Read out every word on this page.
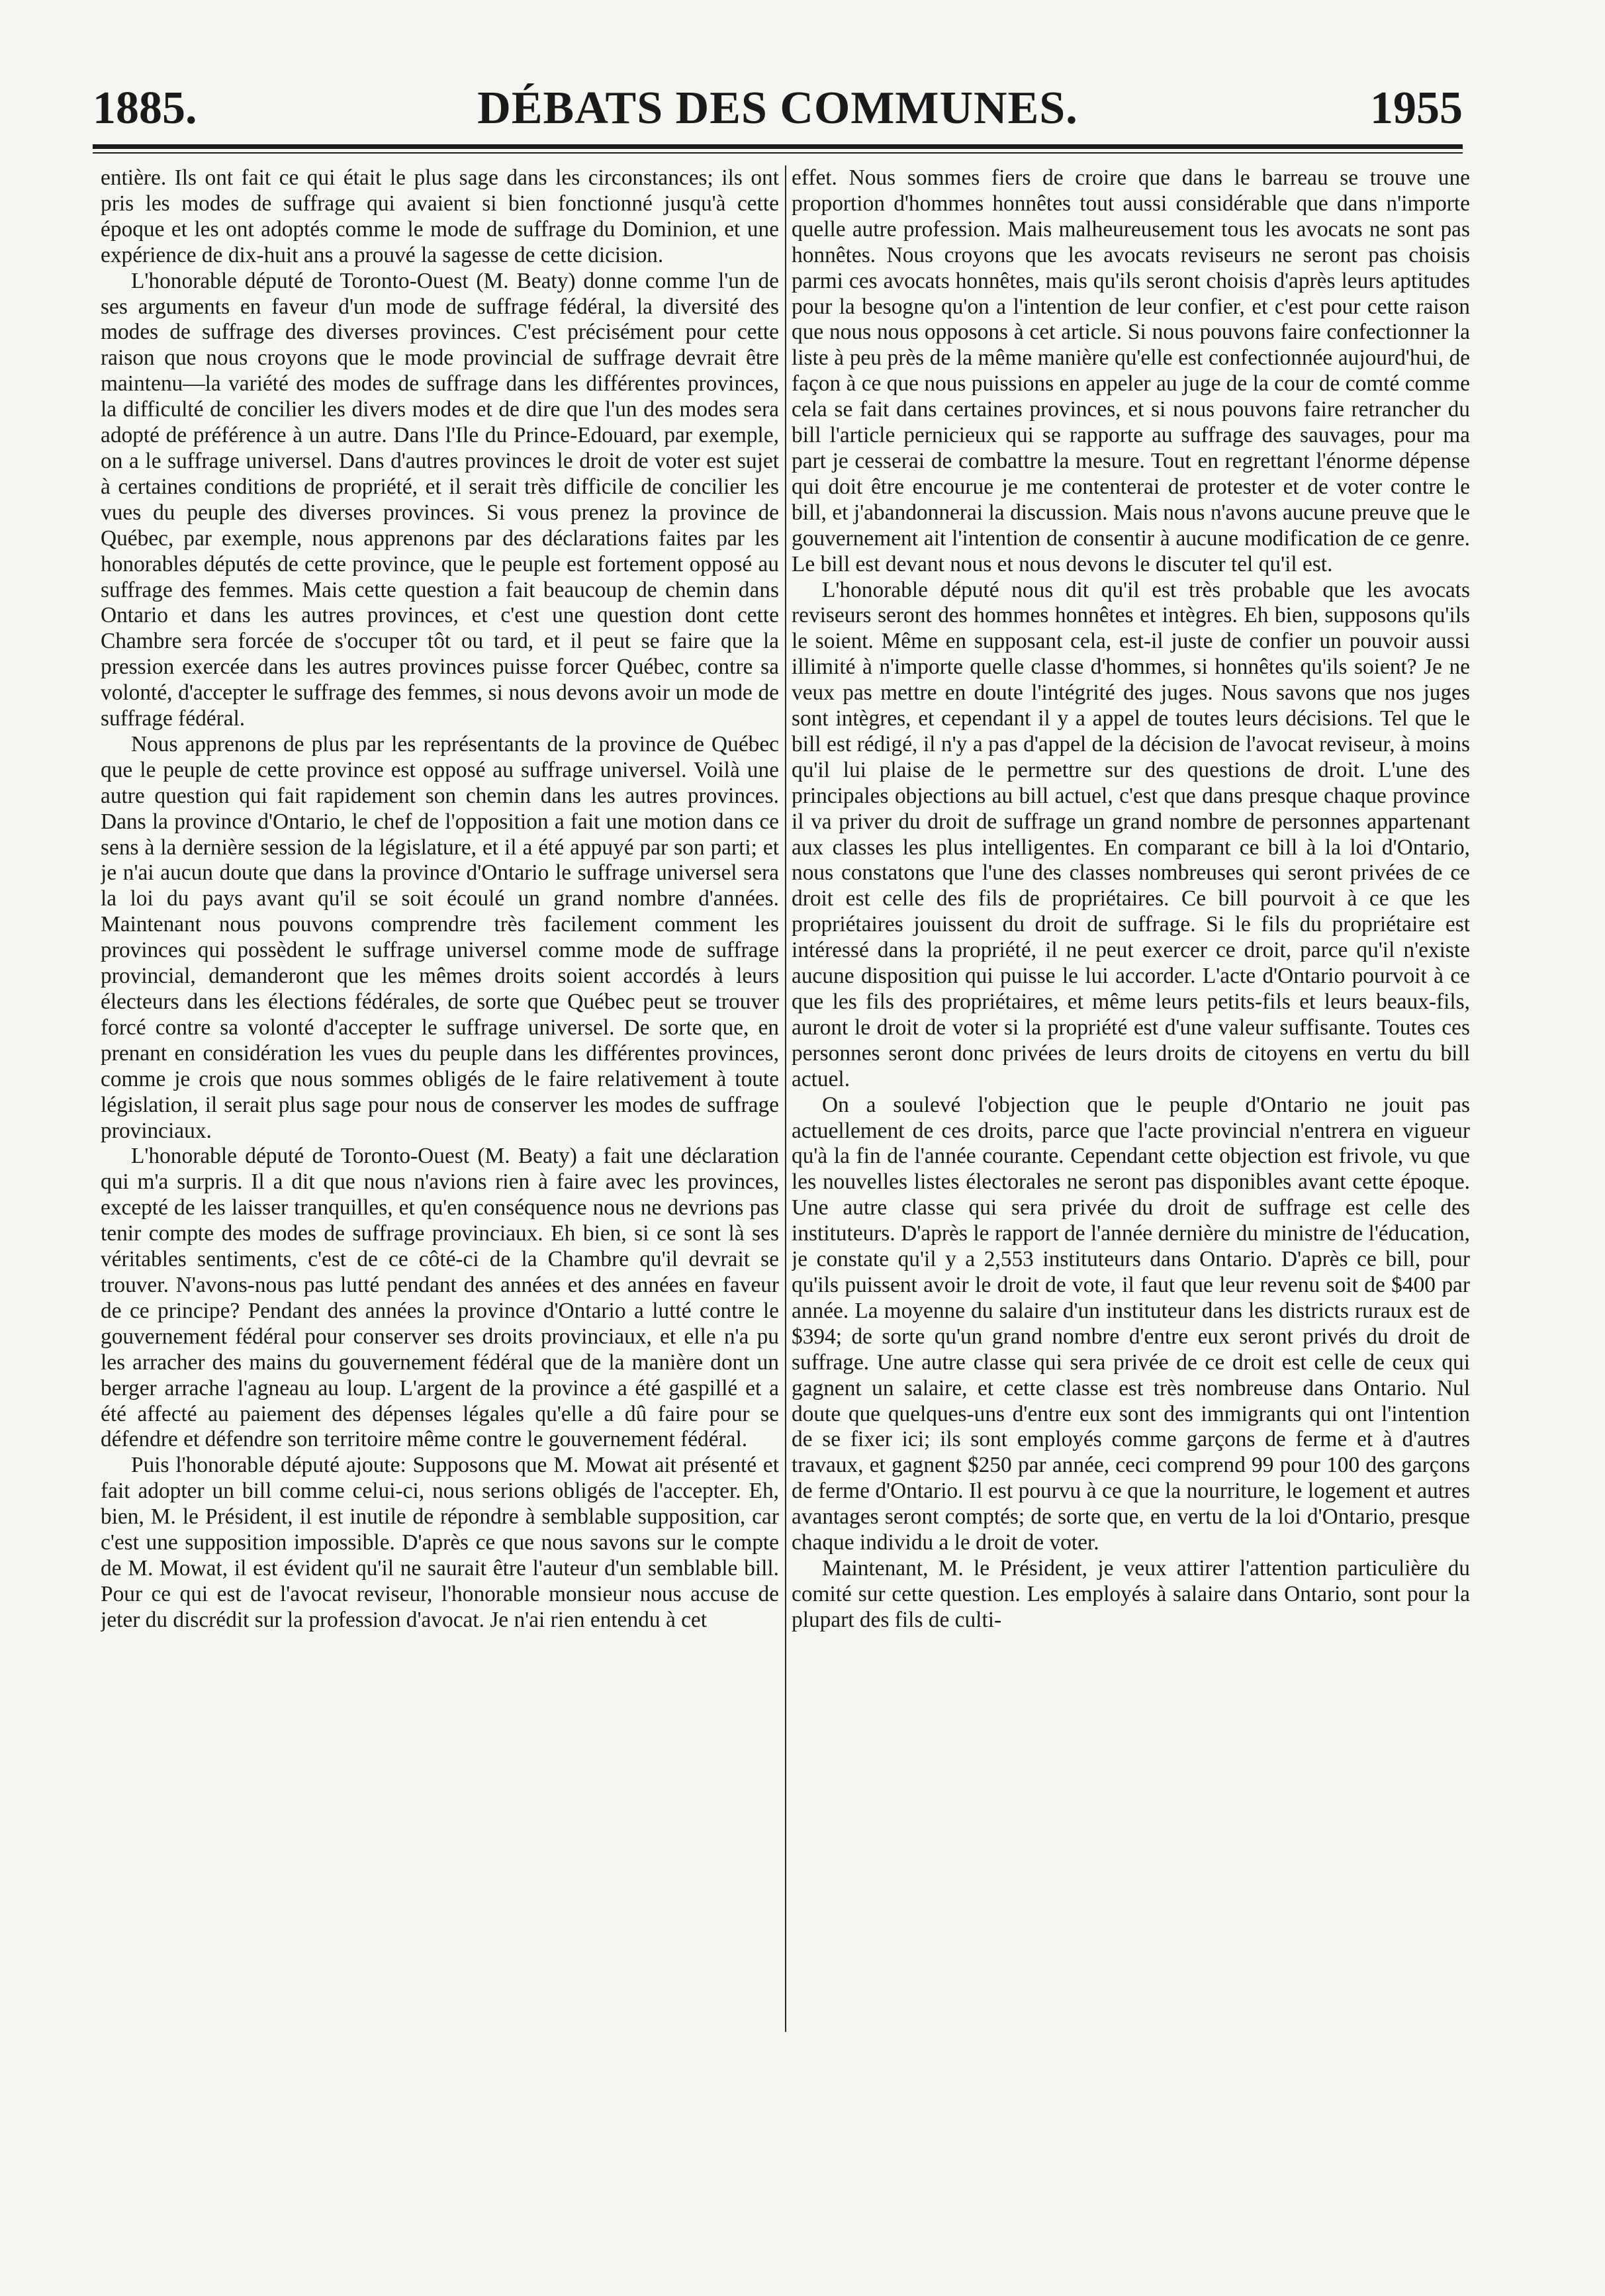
1885.	DÉBATS DES COMMUNES.	1955

entière. Ils ont fait ce qui était le plus sage dans les circonstances; ils ont pris les modes de suffrage qui avaient si bien fonctionné jusqu'à cette époque et les ont adoptés comme le mode de suffrage du Dominion, et une expérience de dix-huit ans a prouvé la sagesse de cette dicision.

L'honorable député de Toronto-Ouest (M. Beaty) donne comme l'un de ses arguments en faveur d'un mode de suffrage fédéral, la diversité des modes de suffrage des diverses provinces. C'est précisément pour cette raison que nous croyons que le mode provincial de suffrage devrait être maintenu—la variété des modes de suffrage dans les différentes provinces, la difficulté de concilier les divers modes et de dire que l'un des modes sera adopté de préférence à un autre. Dans l'Ile du Prince-Edouard, par exemple, on a le suffrage universel. Dans d'autres provinces le droit de voter est sujet à certaines conditions de propriété, et il serait très difficile de concilier les vues du peuple des diverses provinces. Si vous prenez la province de Québec, par exemple, nous apprenons par des déclarations faites par les honorables députés de cette province, que le peuple est fortement opposé au suffrage des femmes. Mais cette question a fait beaucoup de chemin dans Ontario et dans les autres provinces, et c'est une question dont cette Chambre sera forcée de s'occuper tôt ou tard, et il peut se faire que la pression exercée dans les autres provinces puisse forcer Québec, contre sa volonté, d'accepter le suffrage des femmes, si nous devons avoir un mode de suffrage fédéral.

Nous apprenons de plus par les représentants de la province de Québec que le peuple de cette province est opposé au suffrage universel. Voilà une autre question qui fait rapidement son chemin dans les autres provinces. Dans la province d'Ontario, le chef de l'opposition a fait une motion dans ce sens à la dernière session de la législature, et il a été appuyé par son parti; et je n'ai aucun doute que dans la province d'Ontario le suffrage universel sera la loi du pays avant qu'il se soit écoulé un grand nombre d'années. Maintenant nous pouvons comprendre très facilement comment les provinces qui possèdent le suffrage universel comme mode de suffrage provincial, demanderont que les mêmes droits soient accordés à leurs électeurs dans les élections fédérales, de sorte que Québec peut se trouver forcé contre sa volonté d'accepter le suffrage universel. De sorte que, en prenant en considération les vues du peuple dans les différentes provinces, comme je crois que nous sommes obligés de le faire relativement à toute législation, il serait plus sage pour nous de conserver les modes de suffrage provinciaux.

L'honorable député de Toronto-Ouest (M. Beaty) a fait une déclaration qui m'a surpris. Il a dit que nous n'avions rien à faire avec les provinces, excepté de les laisser tranquilles, et qu'en conséquence nous ne devrions pas tenir compte des modes de suffrage provinciaux. Eh bien, si ce sont là ses véritables sentiments, c'est de ce côté-ci de la Chambre qu'il devrait se trouver. N'avons-nous pas lutté pendant des années et des années en faveur de ce principe? Pendant des années la province d'Ontario a lutté contre le gouvernement fédéral pour conserver ses droits provinciaux, et elle n'a pu les arracher des mains du gouvernement fédéral que de la manière dont un berger arrache l'agneau au loup. L'argent de la province a été gaspillé et a été affecté au paiement des dépenses légales qu'elle a dû faire pour se défendre et défendre son territoire même contre le gouvernement fédéral.

Puis l'honorable député ajoute: Supposons que M. Mowat ait présenté et fait adopter un bill comme celui-ci, nous serions obligés de l'accepter. Eh, bien, M. le Président, il est inutile de répondre à semblable supposition, car c'est une supposition impossible. D'après ce que nous savons sur le compte de M. Mowat, il est évident qu'il ne saurait être l'auteur d'un semblable bill. Pour ce qui est de l'avocat reviseur, l'honorable monsieur nous accuse de jeter du discrédit sur la profession d'avocat. Je n'ai rien entendu à cet

effet. Nous sommes fiers de croire que dans le barreau se trouve une proportion d'hommes honnêtes tout aussi considérable que dans n'importe quelle autre profession. Mais malheureusement tous les avocats ne sont pas honnêtes. Nous croyons que les avocats reviseurs ne seront pas choisis parmi ces avocats honnêtes, mais qu'ils seront choisis d'après leurs aptitudes pour la besogne qu'on a l'intention de leur confier, et c'est pour cette raison que nous nous opposons à cet article. Si nous pouvons faire confectionner la liste à peu près de la même manière qu'elle est confectionnée aujourd'hui, de façon à ce que nous puissions en appeler au juge de la cour de comté comme cela se fait dans certaines provinces, et si nous pouvons faire retrancher du bill l'article pernicieux qui se rapporte au suffrage des sauvages, pour ma part je cesserai de combattre la mesure. Tout en regrettant l'énorme dépense qui doit être encourue je me contenterai de protester et de voter contre le bill, et j'abandonnerai la discussion. Mais nous n'avons aucune preuve que le gouvernement ait l'intention de consentir à aucune modification de ce genre. Le bill est devant nous et nous devons le discuter tel qu'il est.

L'honorable député nous dit qu'il est très probable que les avocats reviseurs seront des hommes honnêtes et intègres. Eh bien, supposons qu'ils le soient. Même en supposant cela, est-il juste de confier un pouvoir aussi illimité à n'importe quelle classe d'hommes, si honnêtes qu'ils soient? Je ne veux pas mettre en doute l'intégrité des juges. Nous savons que nos juges sont intègres, et cependant il y a appel de toutes leurs décisions. Tel que le bill est rédigé, il n'y a pas d'appel de la décision de l'avocat reviseur, à moins qu'il lui plaise de le permettre sur des questions de droit. L'une des principales objections au bill actuel, c'est que dans presque chaque province il va priver du droit de suffrage un grand nombre de personnes appartenant aux classes les plus intelligentes. En comparant ce bill à la loi d'Ontario, nous constatons que l'une des classes nombreuses qui seront privées de ce droit est celle des fils de propriétaires. Ce bill pourvoit à ce que les propriétaires jouissent du droit de suffrage. Si le fils du propriétaire est intéressé dans la propriété, il ne peut exercer ce droit, parce qu'il n'existe aucune disposition qui puisse le lui accorder. L'acte d'Ontario pourvoit à ce que les fils des propriétaires, et même leurs petits-fils et leurs beaux-fils, auront le droit de voter si la propriété est d'une valeur suffisante. Toutes ces personnes seront donc privées de leurs droits de citoyens en vertu du bill actuel.

On a soulevé l'objection que le peuple d'Ontario ne jouit pas actuellement de ces droits, parce que l'acte provincial n'entrera en vigueur qu'à la fin de l'année courante. Cependant cette objection est frivole, vu que les nouvelles listes électorales ne seront pas disponibles avant cette époque. Une autre classe qui sera privée du droit de suffrage est celle des instituteurs. D'après le rapport de l'année dernière du ministre de l'éducation, je constate qu'il y a 2,553 instituteurs dans Ontario. D'après ce bill, pour qu'ils puissent avoir le droit de vote, il faut que leur revenu soit de $400 par année. La moyenne du salaire d'un instituteur dans les districts ruraux est de $394; de sorte qu'un grand nombre d'entre eux seront privés du droit de suffrage. Une autre classe qui sera privée de ce droit est celle de ceux qui gagnent un salaire, et cette classe est très nombreuse dans Ontario. Nul doute que quelques-uns d'entre eux sont des immigrants qui ont l'intention de se fixer ici; ils sont employés comme garçons de ferme et à d'autres travaux, et gagnent $250 par année, ceci comprend 99 pour 100 des garçons de ferme d'Ontario. Il est pourvu à ce que la nourriture, le logement et autres avantages seront comptés; de sorte que, en vertu de la loi d'Ontario, presque chaque individu a le droit de voter.

Maintenant, M. le Président, je veux attirer l'attention particulière du comité sur cette question. Les employés à salaire dans Ontario, sont pour la plupart des fils de culti-
